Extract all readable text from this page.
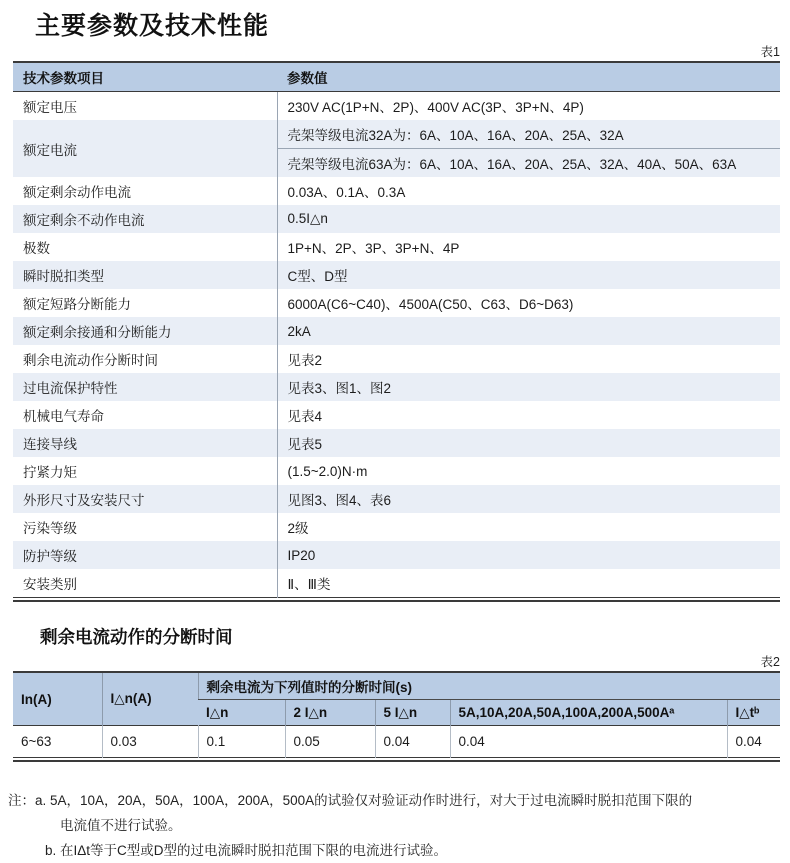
主要参数及技术性能
表1
技术参数项目	参数值
额定电压	230V AC(1P+N、2P)、400V AC(3P、3P+N、4P)
额定电流	壳架等级电流32A为：6A、10A、16A、20A、25A、32A
	壳架等级电流63A为：6A、10A、16A、20A、25A、32A、40A、50A、63A
额定剩余动作电流	0.03A、0.1A、0.3A
额定剩余不动作电流	0.5I△n
极数	1P+N、2P、3P、3P+N、4P
瞬时脱扣类型	C型、D型
额定短路分断能力	6000A(C6~C40)、4500A(C50、C63、D6~D63)
额定剩余接通和分断能力	2kA
剩余电流动作分断时间	见表2
过电流保护特性	见表3、图1、图2
机械电气寿命	见表4
连接导线	见表5
拧紧力矩	(1.5~2.0)N·m
外形尺寸及安装尺寸	见图3、图4、表6
污染等级	2级
防护等级	IP20
安装类别	Ⅱ、Ⅲ类
剩余电流动作的分断时间
表2
In(A)	I△n(A)	剩余电流为下列值时的分断时间(s)				
		I△n	2 I△n	5 I△n	5A,10A,20A,50A,100A,200A,500Aᵃ	I△tᵇ
6~63	0.03	0.1	0.05	0.04	0.04	0.04
注：a. 5A，10A，20A，50A，100A，200A，500A的试验仅对验证动作时进行，对大于过电流瞬时脱扣范围下限的
电流值不进行试验。
b. 在IΔt等于C型或D型的过电流瞬时脱扣范围下限的电流进行试验。
